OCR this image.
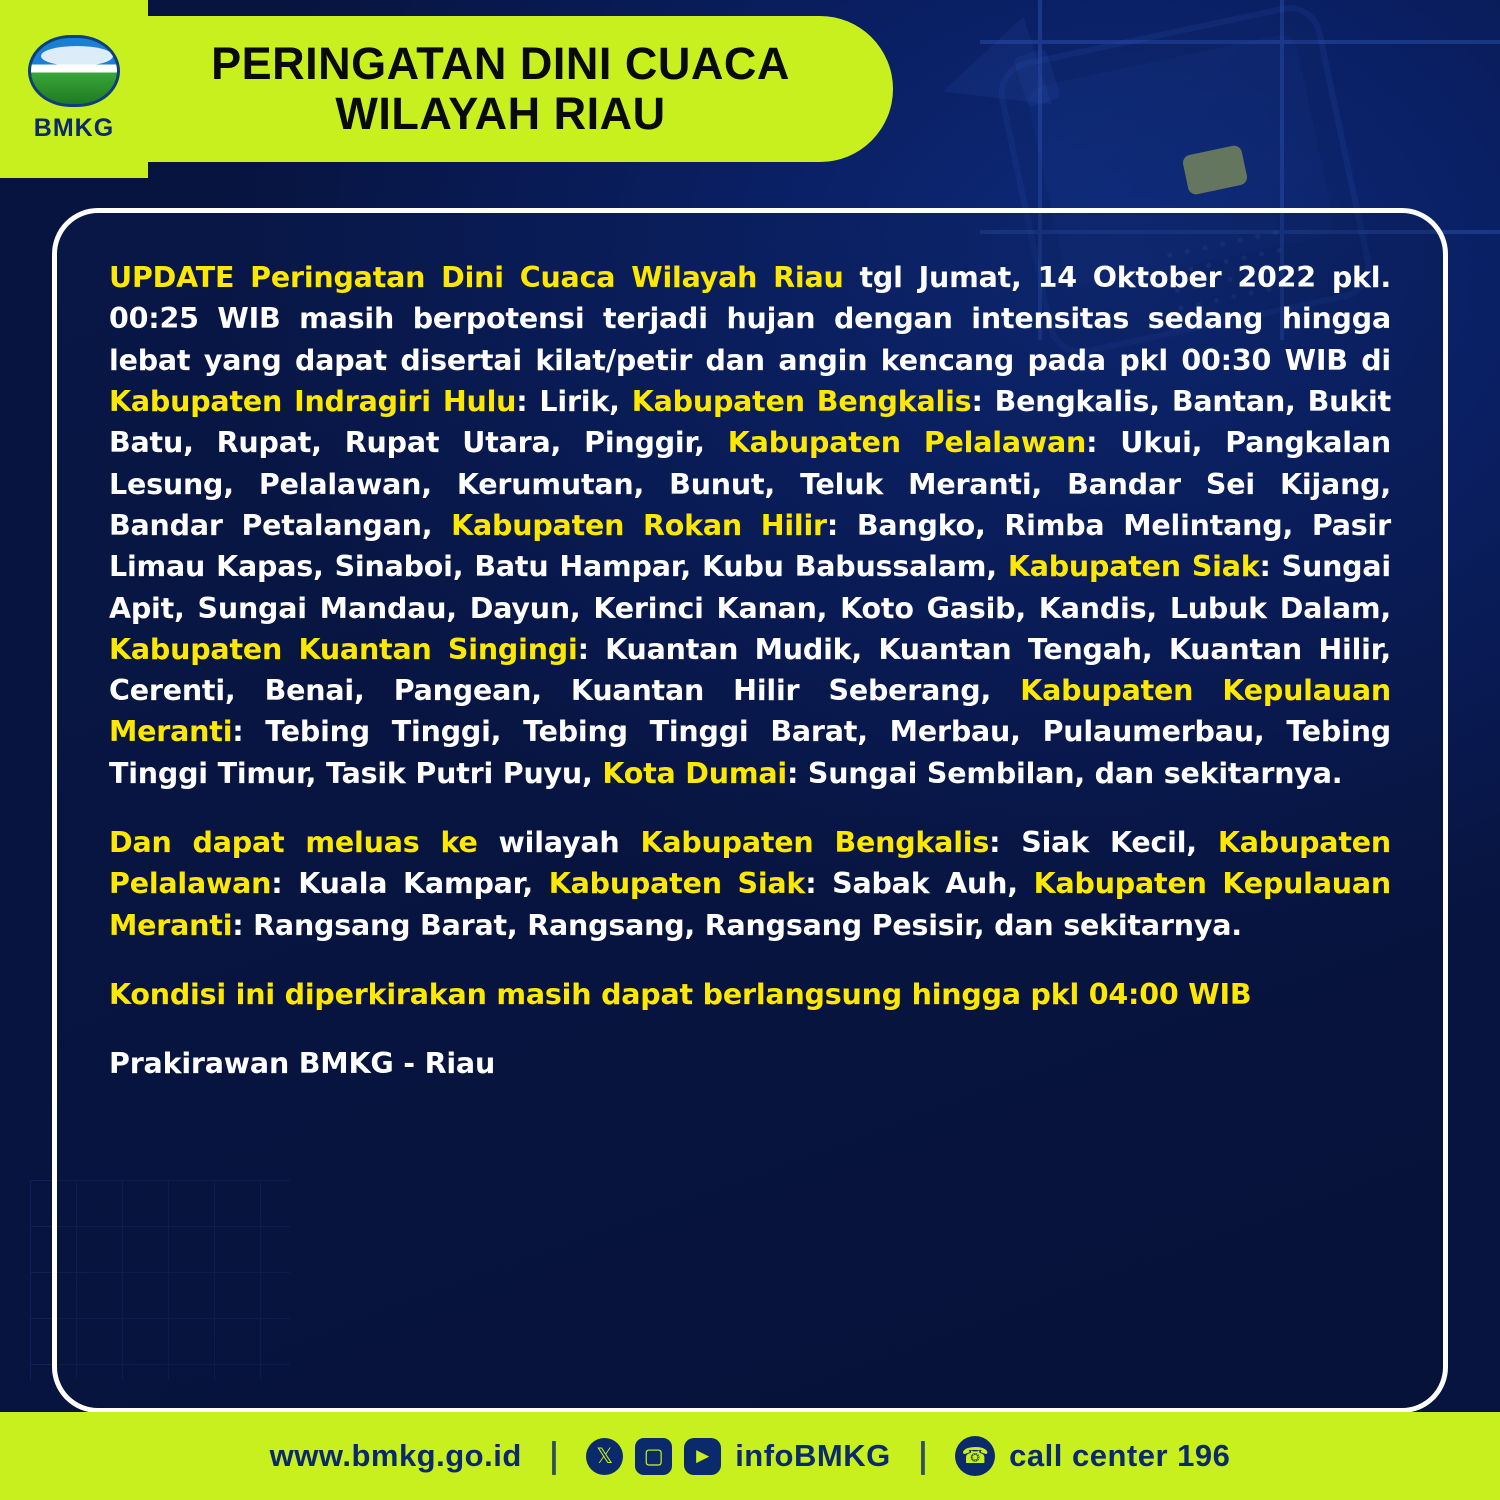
BMKG
PERINGATAN DINI CUACA
WILAYAH RIAU
UPDATE Peringatan Dini Cuaca Wilayah Riau tgl Jumat, 14 Oktober 2022 pkl. 00:25 WIB masih berpotensi terjadi hujan dengan intensitas sedang hingga lebat yang dapat disertai kilat/petir dan angin kencang pada pkl 00:30 WIB di Kabupaten Indragiri Hulu: Lirik, Kabupaten Bengkalis: Bengkalis, Bantan, Bukit Batu, Rupat, Rupat Utara, Pinggir, Kabupaten Pelalawan: Ukui, Pangkalan Lesung, Pelalawan, Kerumutan, Bunut, Teluk Meranti, Bandar Sei Kijang, Bandar Petalangan, Kabupaten Rokan Hilir: Bangko, Rimba Melintang, Pasir Limau Kapas, Sinaboi, Batu Hampar, Kubu Babussalam, Kabupaten Siak: Sungai Apit, Sungai Mandau, Dayun, Kerinci Kanan, Koto Gasib, Kandis, Lubuk Dalam, Kabupaten Kuantan Singingi: Kuantan Mudik, Kuantan Tengah, Kuantan Hilir, Cerenti, Benai, Pangean, Kuantan Hilir Seberang, Kabupaten Kepulauan Meranti: Tebing Tinggi, Tebing Tinggi Barat, Merbau, Pulaumerbau, Tebing Tinggi Timur, Tasik Putri Puyu, Kota Dumai: Sungai Sembilan, dan sekitarnya.
Dan dapat meluas ke wilayah Kabupaten Bengkalis: Siak Kecil, Kabupaten Pelalawan: Kuala Kampar, Kabupaten Siak: Sabak Auh, Kabupaten Kepulauan Meranti: Rangsang Barat, Rangsang, Rangsang Pesisir, dan sekitarnya.
Kondisi ini diperkirakan masih dapat berlangsung hingga pkl 04:00 WIB
Prakirawan BMKG - Riau
www.bmkg.go.id |	𝕏	▢	▶ infoBMKG | ☎ call center 196
